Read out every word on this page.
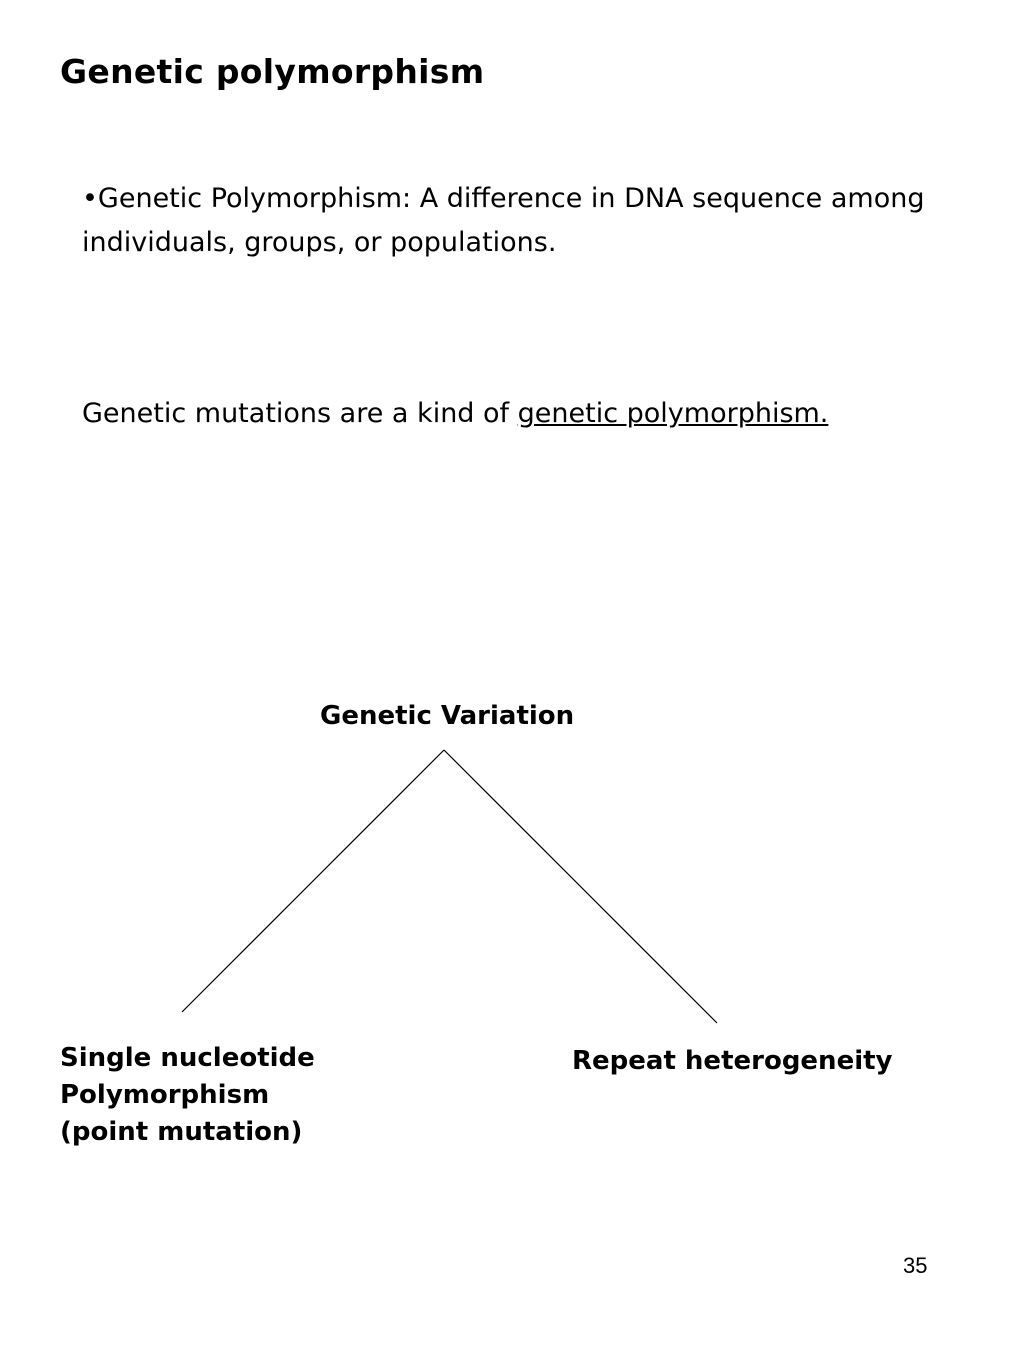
Genetic polymorphism
•Genetic Polymorphism: A difference in DNA sequence among individuals, groups, or populations.
Genetic mutations are a kind of genetic polymorphism.
Genetic Variation
Single nucleotide
Polymorphism
(point mutation)
Repeat heterogeneity
35
